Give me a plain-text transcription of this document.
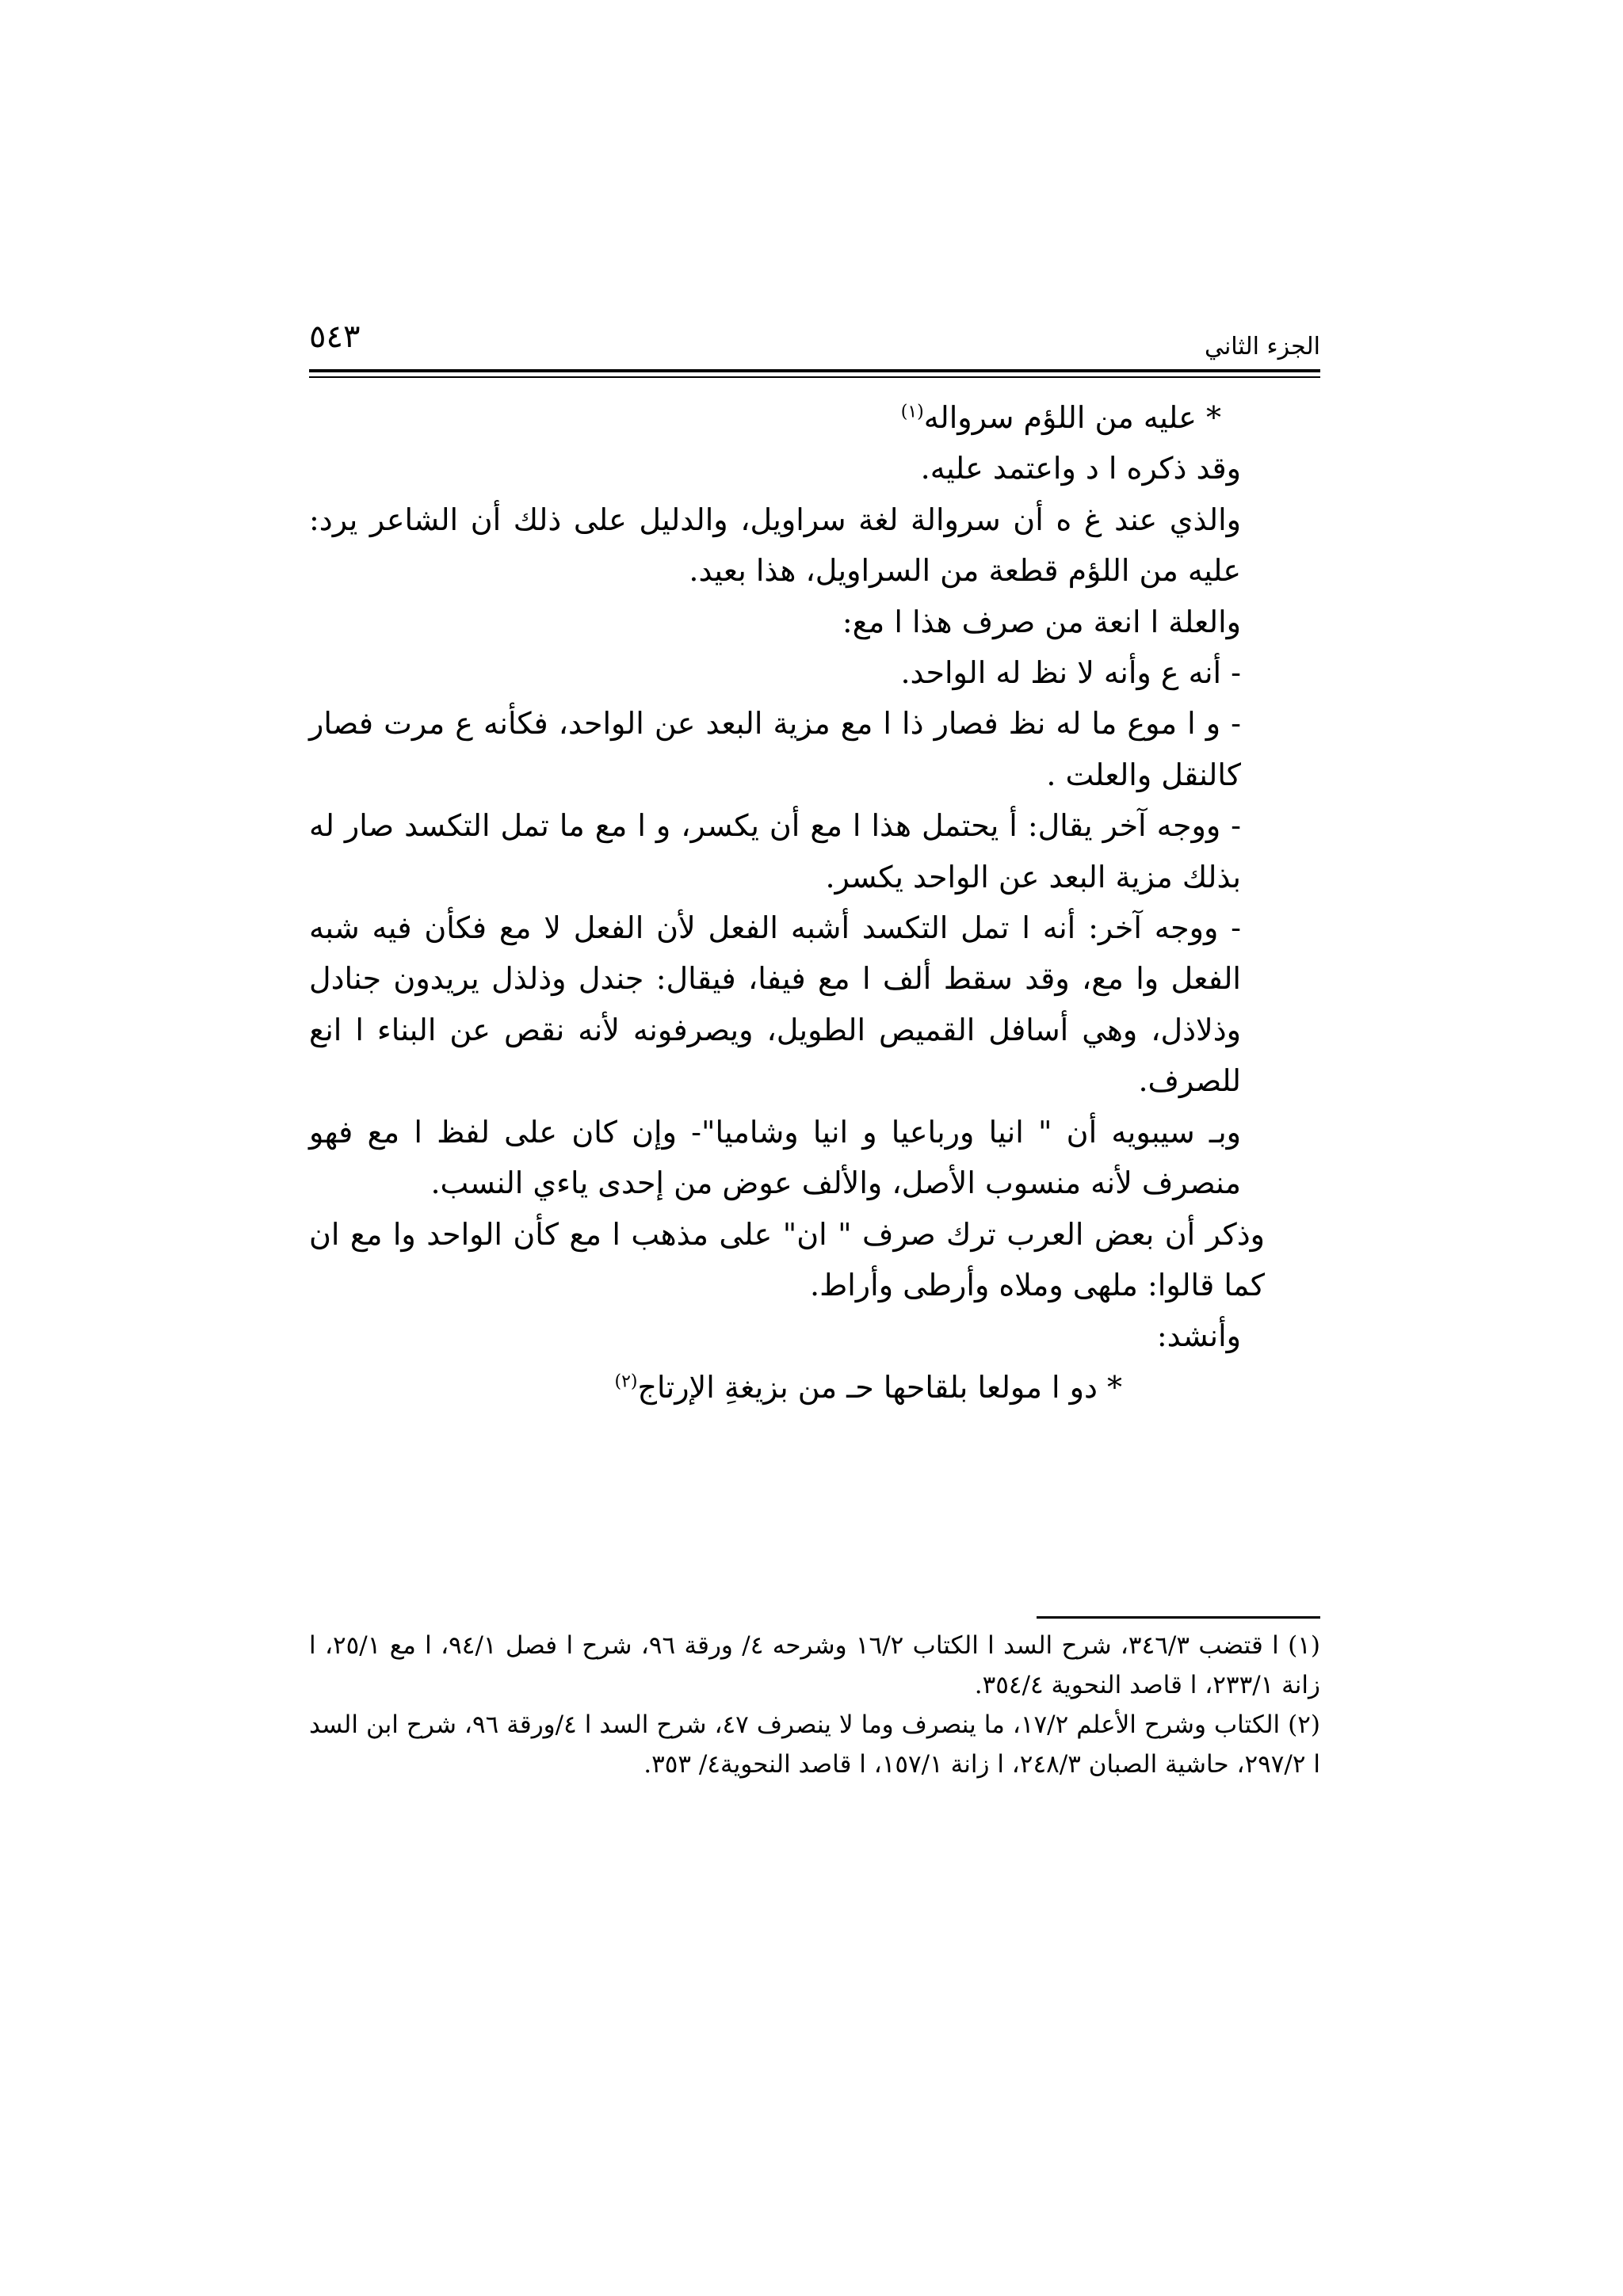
الجزء الثاني
٥٤٣

* عليه من اللؤم سرواله$^{(١)}$

وقد ذكره ا د واعتمد عليه.

والذي عند غ ه أن سروالة لغة سراويل، والدليل على ذلك أن الشاعر يرد: عليه من اللؤم قطعة من السراويل، هذا بعيد.

والعلة ا انعة من صرف هذا ا مع:

- أنه ع وأنه لا نظ له الواحد.

- و ا موع ما له نظ فصار ذا ا مع مزية البعد عن الواحد، فكأنه ع مرت فصار كالنقل والعلت .

- ووجه آخر يقال: أ يحتمل هذا ا مع أن يكسر، و ا مع ما تمل التكسد صار له بذلك مزية البعد عن الواحد يكسر.

- ووجه آخر: أنه ا تمل التكسد أشبه الفعل لأن الفعل لا مع فكأن فيه شبه الفعل وا مع، وقد سقط ألف ا مع فيفا، فيقال: جندل وذلذل يريدون جنادل وذلاذل، وهي أسافل القميص الطويل، ويصرفونه لأنه نقص عن البناء ا انع للصرف.

وبـ سيبويه أن " انيا ورباعيا و انيا وشاميا"- وإن كان على لفظ ا مع فهو منصرف لأنه منسوب الأصل، والألف عوض من إحدى ياءي النسب.

وذكر أن بعض العرب ترك صرف " ان" على مذهب ا مع كأن الواحد وا مع ان كما قالوا: ملهى وملاه وأرطى وأراط.

وأنشد:

* دو ا مولعا بلقاحها حـ من بزيغةِ الإرتاج$^{(٢)}$

(١) ا قتضب ٣٤٦/٣، شرح السد ا الكتاب ١٦/٢ وشرحه ٤/ ورقة ٩٦، شرح ا فصل ٩٤/١، ا مع ٢٥/١، ا زانة ٢٣٣/١، ا قاصد النحوية ٣٥٤/٤.

(٢) الكتاب وشرح الأعلم ١٧/٢، ما ينصرف وما لا ينصرف ٤٧، شرح السد ا ٤/ورقة ٩٦، شرح ابن السد ا ٢٩٧/٢، حاشية الصبان ٢٤٨/٣، ا زانة ١٥٧/١، ا قاصد النحوية٤/ ٣٥٣.
